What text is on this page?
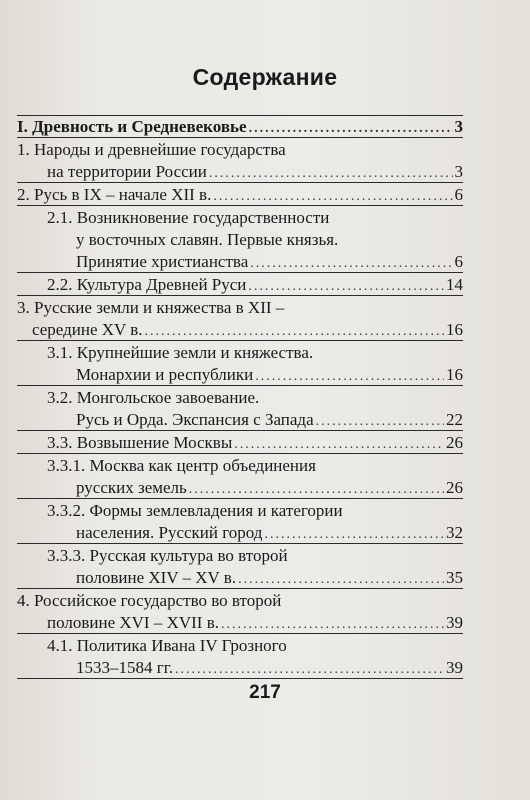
Содержание
I. Древность и Средневековье .....	3
1. Народы и древнейшие государства
на территории России .....	3
2. Русь в IX – начале XII в. .....	6
2.1. Возникновение государственности
у восточных славян. Первые князья.
Принятие христианства .....	6
2.2. Культура Древней Руси .....	14
3. Русские земли и княжества в XII –
середине XV в. .....	16
3.1. Крупнейшие земли и княжества.
Монархии и республики .....	16
3.2. Монгольское завоевание.
Русь и Орда. Экспансия с Запада .....	22
3.3. Возвышение Москвы .....	26
3.3.1. Москва как центр объединения
русских земель .....	26
3.3.2. Формы землевладения и категории
населения. Русский город .....	32
3.3.3. Русская культура во второй
половине XIV – XV в. .....	35
4. Российское государство во второй
половине XVI – XVII в. .....	39
4.1. Политика Ивана IV Грозного
1533–1584 гг. .....	39
217
